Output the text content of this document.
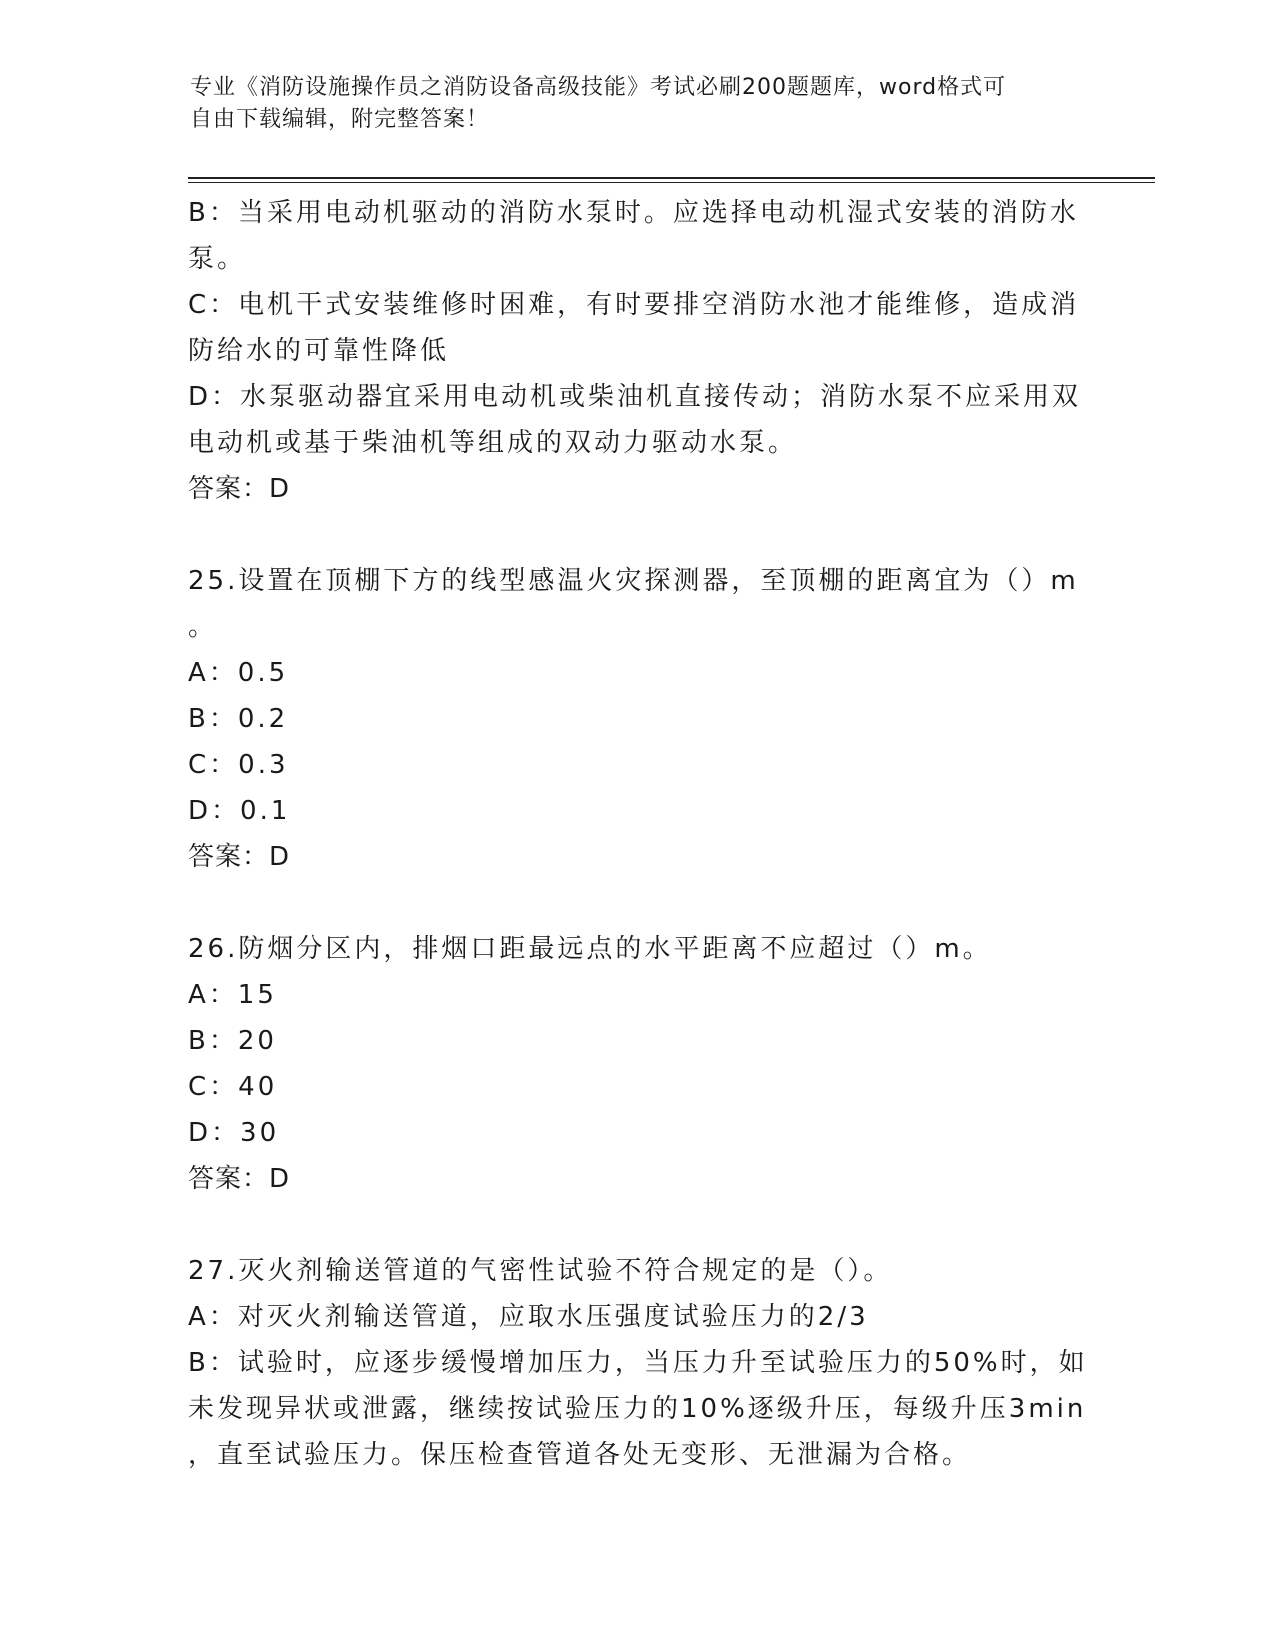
专业《消防设施操作员之消防设备高级技能》考试必刷200题题库，word格式可
自由下载编辑，附完整答案！

B：当采用电动机驱动的消防水泵时。应选择电动机湿式安装的消防水

泵。

C：电机干式安装维修时困难，有时要排空消防水池才能维修，造成消

防给水的可靠性降低

D：水泵驱动器宜采用电动机或柴油机直接传动；消防水泵不应采用双

电动机或基于柴油机等组成的双动力驱动水泵。

答案：D

25.设置在顶棚下方的线型感温火灾探测器，至顶棚的距离宜为（）m

。

A：0.5

B：0.2

C：0.3

D：0.1

答案：D

26.防烟分区内，排烟口距最远点的水平距离不应超过（）m。

A：15

B：20

C：40

D：30

答案：D

27.灭火剂输送管道的气密性试验不符合规定的是（）。

A：对灭火剂输送管道，应取水压强度试验压力的2/3

B：试验时，应逐步缓慢增加压力，当压力升至试验压力的50%时，如

未发现异状或泄露，继续按试验压力的10%逐级升压，每级升压3min

，直至试验压力。保压检查管道各处无变形、无泄漏为合格。
